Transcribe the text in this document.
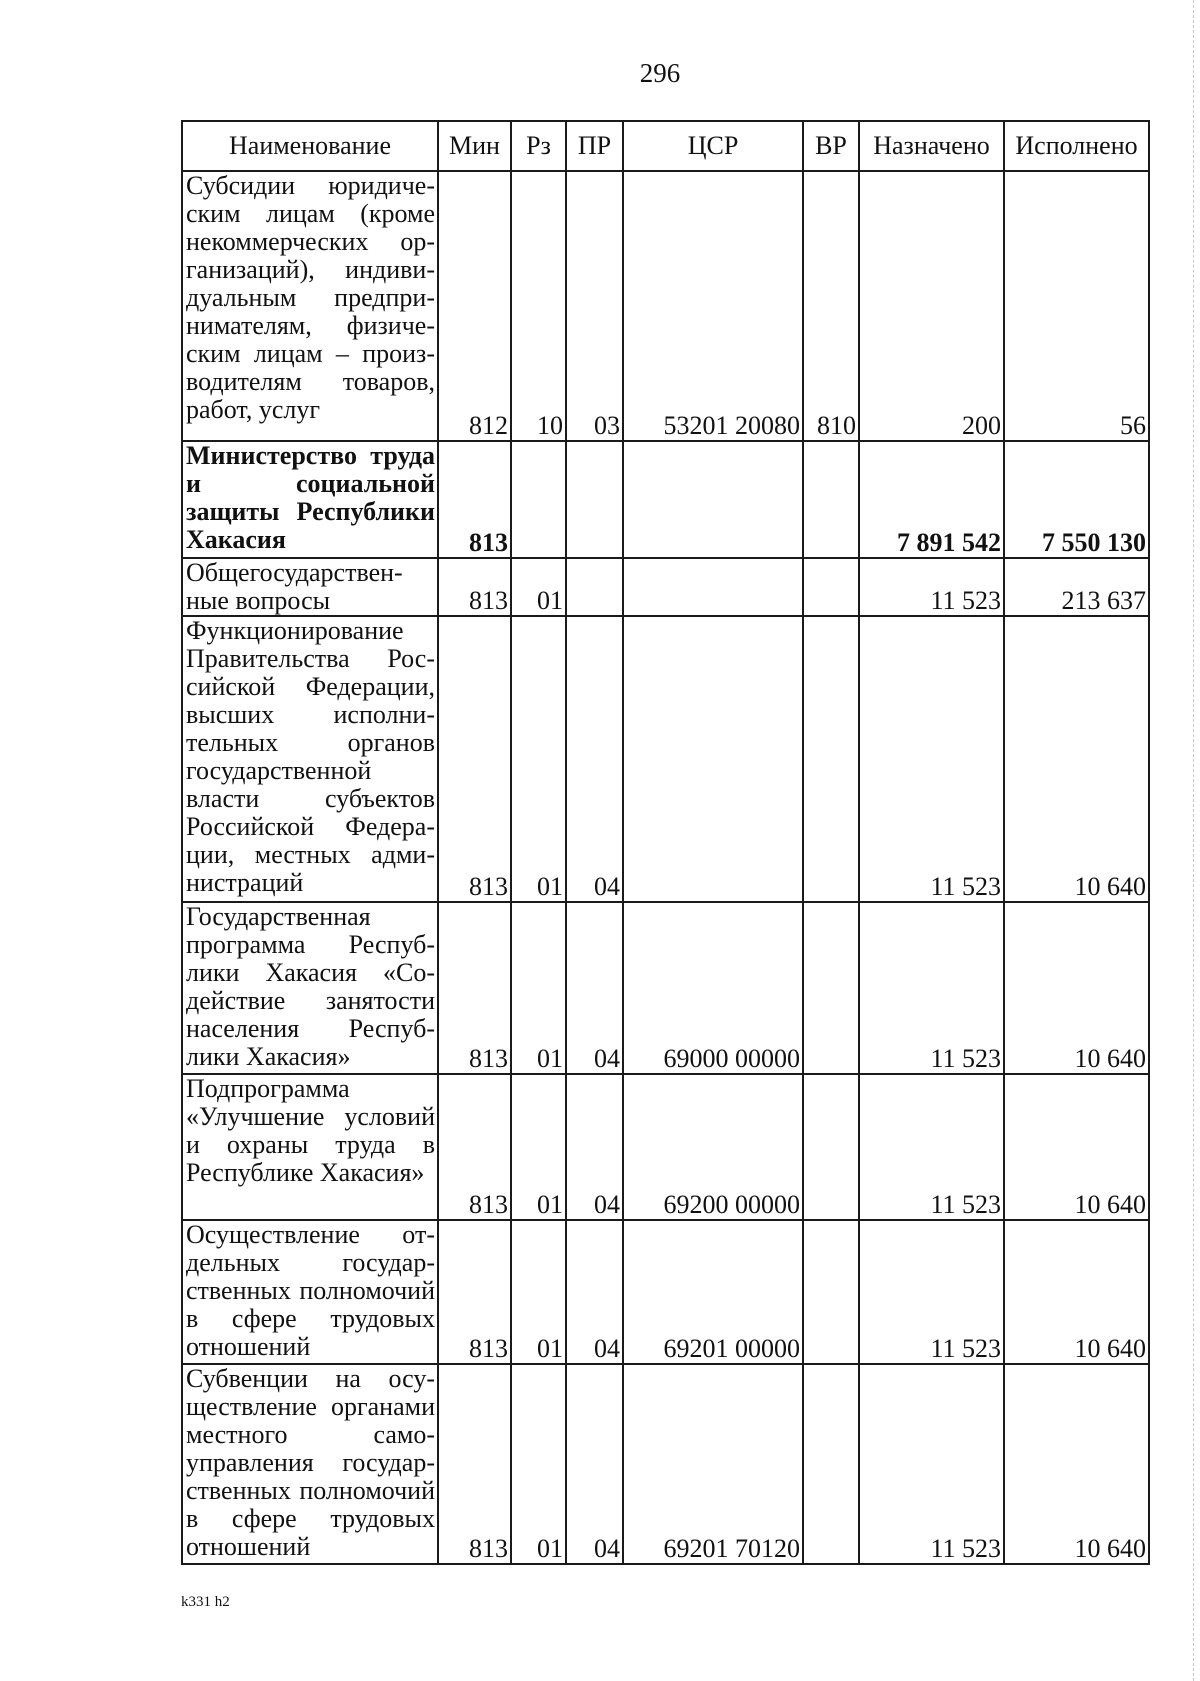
296
Наименование	Мин	Рз	ПР	ЦСР	ВР	Назначено	Исполнено
Субсидии юридическим лицам (кроме некоммерческих организаций), индивидуальным предпринимателям, физическим лицам – производителям товаров, работ, услуг	812	10	03	53201 20080	810	200	56
Министерство труда и социальной защиты Республики Хакасия	813					7 891 542	7 550 130
Общегосударственные вопросы	813	01				11 523	213 637
Функционирование Правительства Российской Федерации, высших исполнительных органов государственной власти субъектов Российской Федерации, местных администраций	813	01	04			11 523	10 640
Государственная программа Республики Хакасия «Содействие занятости населения Республики Хакасия»	813	01	04	69000 00000		11 523	10 640
Подпрограмма «Улучшение условий и охраны труда в Республике Хакасия»	813	01	04	69200 00000		11 523	10 640
Осуществление отдельных государственных полномочий в сфере трудовых отношений	813	01	04	69201 00000		11 523	10 640
Субвенции на осуществление органами местного самоуправления государственных полномочий в сфере трудовых отношений	813	01	04	69201 70120		11 523	10 640
k331 h2
